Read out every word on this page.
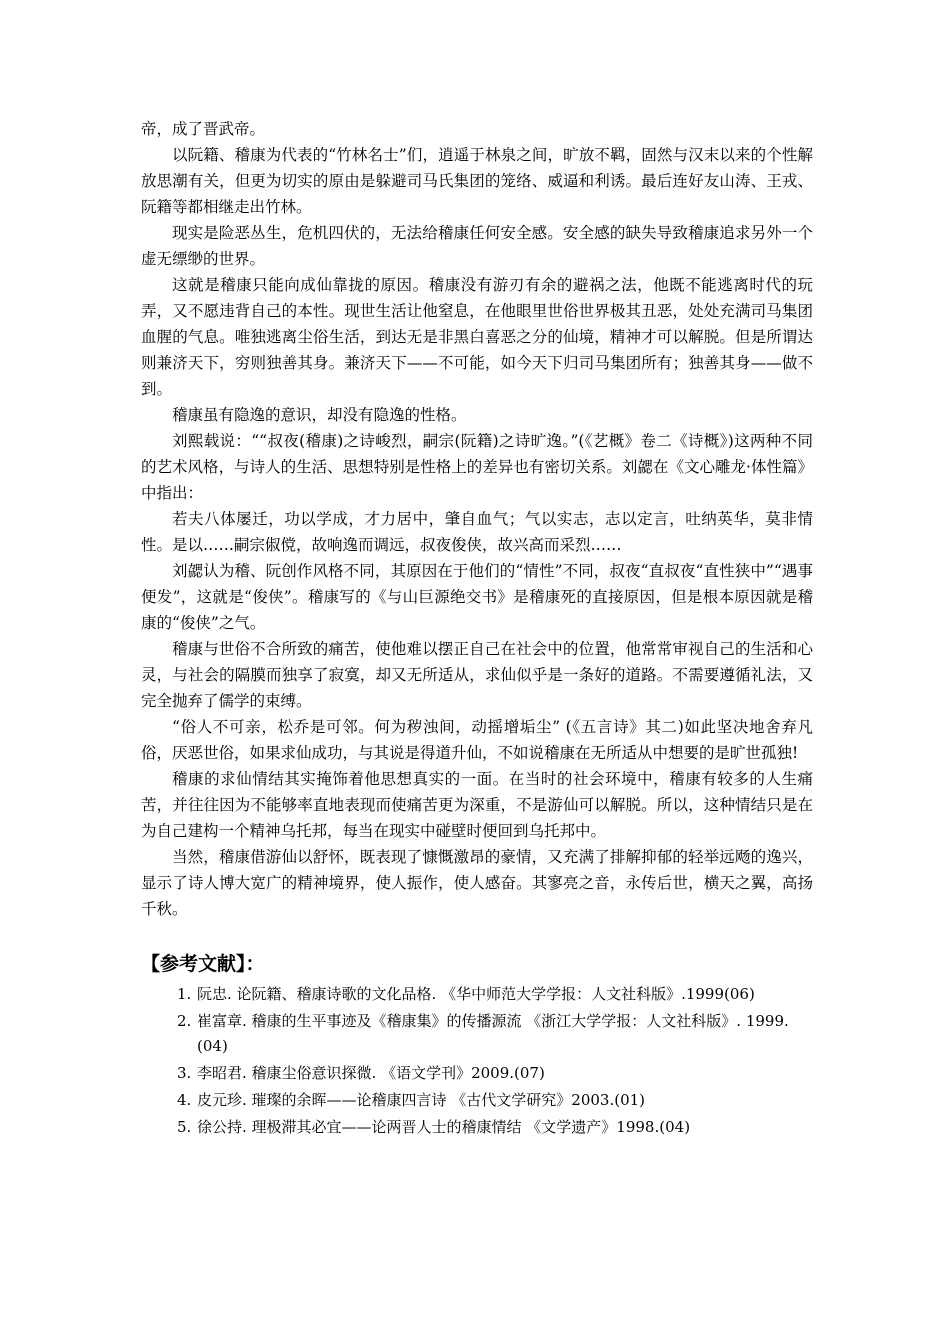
帝，成了晋武帝。

以阮籍、稽康为代表的“竹林名士”们，逍遥于林泉之间，旷放不羁，固然与汉末以来的个性解放思潮有关，但更为切实的原由是躲避司马氏集团的笼络、威逼和利诱。最后连好友山涛、王戎、阮籍等都相继走出竹林。

现实是险恶丛生，危机四伏的，无法给稽康任何安全感。安全感的缺失导致稽康追求另外一个虚无缥缈的世界。

这就是稽康只能向成仙靠拢的原因。稽康没有游刃有余的避祸之法，他既不能逃离时代的玩弄，又不愿违背自己的本性。现世生活让他窒息，在他眼里世俗世界极其丑恶，处处充满司马集团血腥的气息。唯独逃离尘俗生活，到达无是非黑白喜恶之分的仙境，精神才可以解脱。但是所谓达则兼济天下，穷则独善其身。兼济天下——不可能，如今天下归司马集团所有；独善其身——做不到。

稽康虽有隐逸的意识，却没有隐逸的性格。

刘熙载说：““叔夜(稽康)之诗峻烈，嗣宗(阮籍)之诗旷逸。”(《艺概》卷二《诗概》)这两种不同的艺术风格，与诗人的生活、思想特别是性格上的差异也有密切关系。刘勰在《文心雕龙·体性篇》中指出：

若夫八体屡迁，功以学成，才力居中，肇自血气；气以实志，志以定言，吐纳英华，莫非情性。是以……嗣宗俶傥，故响逸而调远，叔夜俊侠，故兴高而采烈……

刘勰认为稽、阮创作风格不同，其原因在于他们的“情性”不同，叔夜“直叔夜“直性狭中”“遇事便发”，这就是“俊侠”。稽康写的《与山巨源绝交书》是稽康死的直接原因，但是根本原因就是稽康的“俊侠”之气。

稽康与世俗不合所致的痛苦，使他难以摆正自己在社会中的位置，他常常审视自己的生活和心灵，与社会的隔膜而独享了寂寞，却又无所适从，求仙似乎是一条好的道路。不需要遵循礼法，又完全抛弃了儒学的束缚。

“俗人不可亲，松乔是可邻。何为秽浊间，动摇增垢尘” (《五言诗》其二)如此坚决地舍弃凡俗，厌恶世俗，如果求仙成功，与其说是得道升仙，不如说稽康在无所适从中想要的是旷世孤独!

稽康的求仙情结其实掩饰着他思想真实的一面。在当时的社会环境中，稽康有较多的人生痛苦，并往往因为不能够率直地表现而使痛苦更为深重，不是游仙可以解脱。所以，这种情结只是在为自己建构一个精神乌托邦，每当在现实中碰壁时便回到乌托邦中。

当然，稽康借游仙以舒怀，既表现了慷慨激昂的豪情，又充满了排解抑郁的轻举远飏的逸兴，显示了诗人博大宽广的精神境界，使人振作，使人感奋。其寥亮之音，永传后世，横天之翼，高扬千秋。

【参考文献】：
1. 阮忠. 论阮籍、稽康诗歌的文化品格. 《华中师范大学学报：人文社科版》.1999(06)
2. 崔富章. 稽康的生平事迹及《稽康集》的传播源流 《浙江大学学报：人文社科版》. 1999.(04)
3. 李昭君. 稽康尘俗意识探微. 《语文学刊》2009.(07)
4. 皮元珍. 璀璨的余晖——论稽康四言诗 《古代文学研究》2003.(01)
5. 徐公持. 理极滞其必宜——论两晋人士的稽康情结 《文学遗产》1998.(04)
